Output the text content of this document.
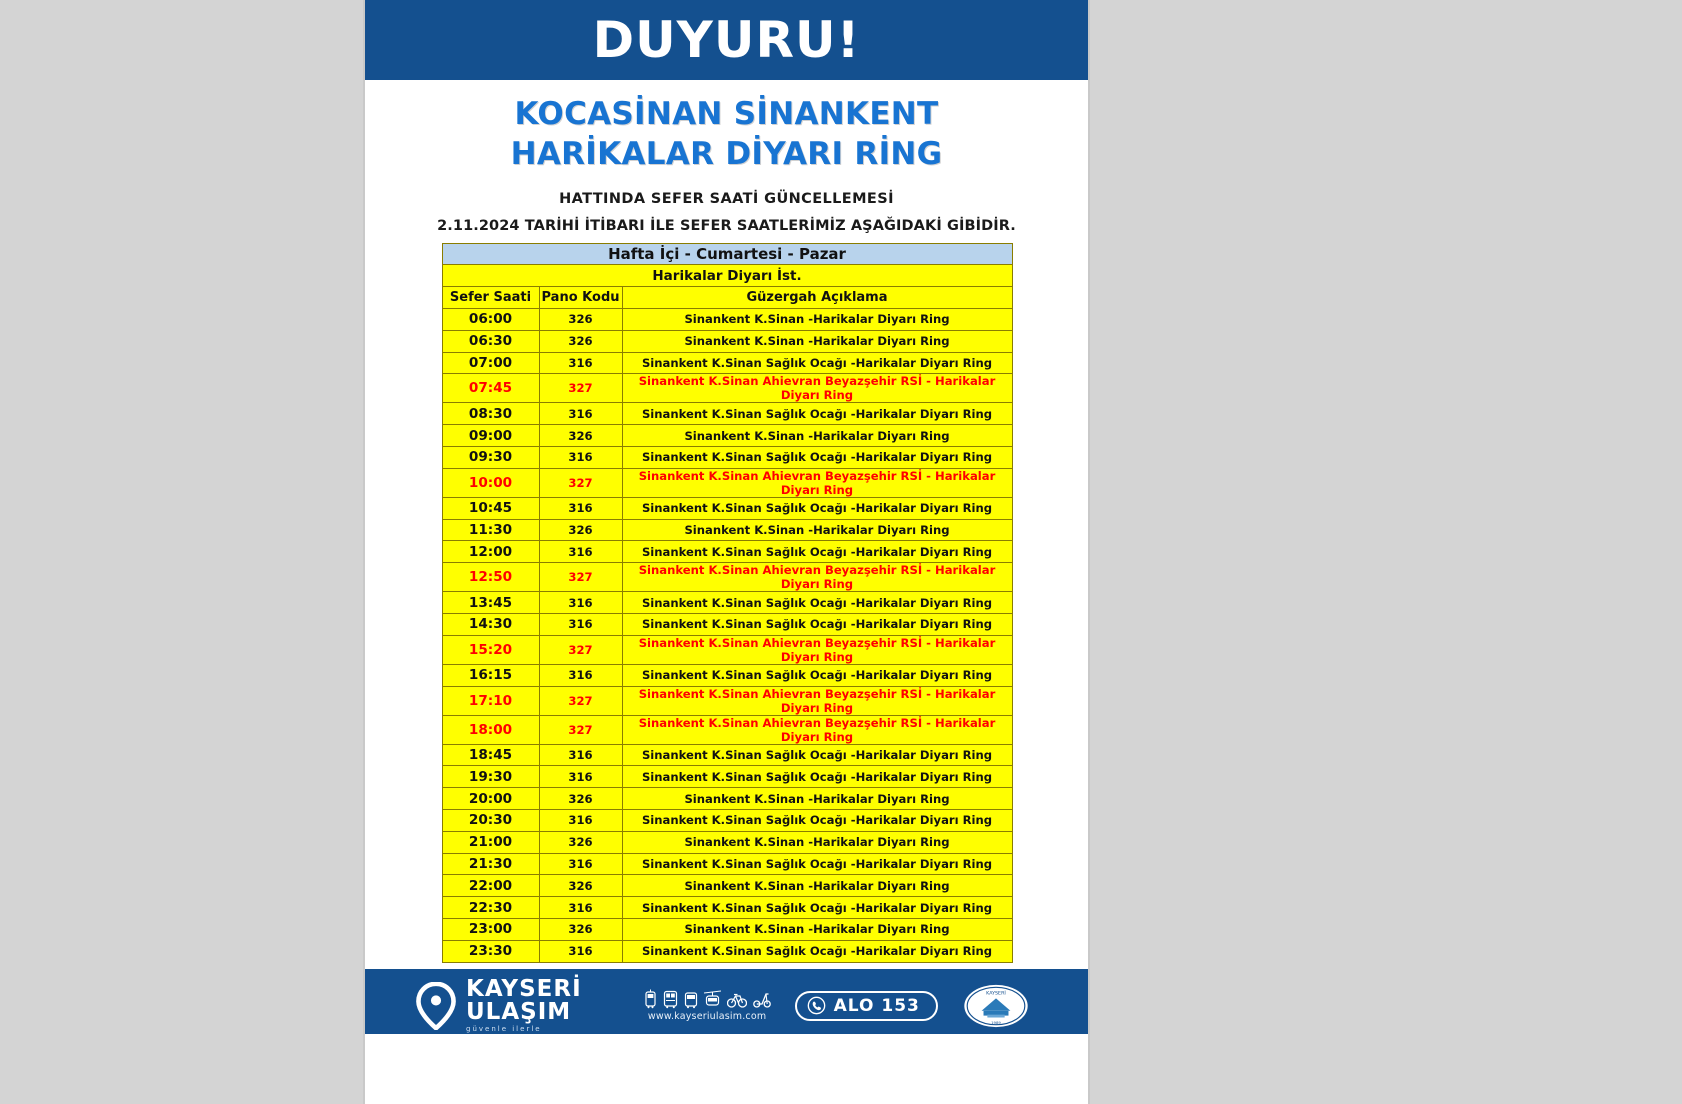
DUYURU!
KOCASİNAN SİNANKENT
HARİKALAR DİYARI RİNG
HATTINDA SEFER SAATİ GÜNCELLEMESİ
2.11.2024 TARİHİ İTİBARI İLE SEFER SAATLERİMİZ AŞAĞIDAKİ GİBİDİR.
Hafta İçi - Cumartesi - Pazar		
Harikalar Diyarı İst.		
Sefer Saati	Pano Kodu	Güzergah Açıklama
06:00	326	Sinankent K.Sinan -Harikalar Diyarı Ring
06:30	326	Sinankent K.Sinan -Harikalar Diyarı Ring
07:00	316	Sinankent K.Sinan Sağlık Ocağı -Harikalar Diyarı Ring
07:45	327	Sinankent K.Sinan Ahievran Beyazşehir RSİ - Harikalar Diyarı Ring
08:30	316	Sinankent K.Sinan Sağlık Ocağı -Harikalar Diyarı Ring
09:00	326	Sinankent K.Sinan -Harikalar Diyarı Ring
09:30	316	Sinankent K.Sinan Sağlık Ocağı -Harikalar Diyarı Ring
10:00	327	Sinankent K.Sinan Ahievran Beyazşehir RSİ - Harikalar Diyarı Ring
10:45	316	Sinankent K.Sinan Sağlık Ocağı -Harikalar Diyarı Ring
11:30	326	Sinankent K.Sinan -Harikalar Diyarı Ring
12:00	316	Sinankent K.Sinan Sağlık Ocağı -Harikalar Diyarı Ring
12:50	327	Sinankent K.Sinan Ahievran Beyazşehir RSİ - Harikalar Diyarı Ring
13:45	316	Sinankent K.Sinan Sağlık Ocağı -Harikalar Diyarı Ring
14:30	316	Sinankent K.Sinan Sağlık Ocağı -Harikalar Diyarı Ring
15:20	327	Sinankent K.Sinan Ahievran Beyazşehir RSİ - Harikalar Diyarı Ring
16:15	316	Sinankent K.Sinan Sağlık Ocağı -Harikalar Diyarı Ring
17:10	327	Sinankent K.Sinan Ahievran Beyazşehir RSİ - Harikalar Diyarı Ring
18:00	327	Sinankent K.Sinan Ahievran Beyazşehir RSİ - Harikalar Diyarı Ring
18:45	316	Sinankent K.Sinan Sağlık Ocağı -Harikalar Diyarı Ring
19:30	316	Sinankent K.Sinan Sağlık Ocağı -Harikalar Diyarı Ring
20:00	326	Sinankent K.Sinan -Harikalar Diyarı Ring
20:30	316	Sinankent K.Sinan Sağlık Ocağı -Harikalar Diyarı Ring
21:00	326	Sinankent K.Sinan -Harikalar Diyarı Ring
21:30	316	Sinankent K.Sinan Sağlık Ocağı -Harikalar Diyarı Ring
22:00	326	Sinankent K.Sinan -Harikalar Diyarı Ring
22:30	316	Sinankent K.Sinan Sağlık Ocağı -Harikalar Diyarı Ring
23:00	326	Sinankent K.Sinan -Harikalar Diyarı Ring
23:30	316	Sinankent K.Sinan Sağlık Ocağı -Harikalar Diyarı Ring
KAYSERİ
ULAŞIM
güvenle ilerle
www.kayseriulasim.com
ALO 153
KAYSERİ
1989
